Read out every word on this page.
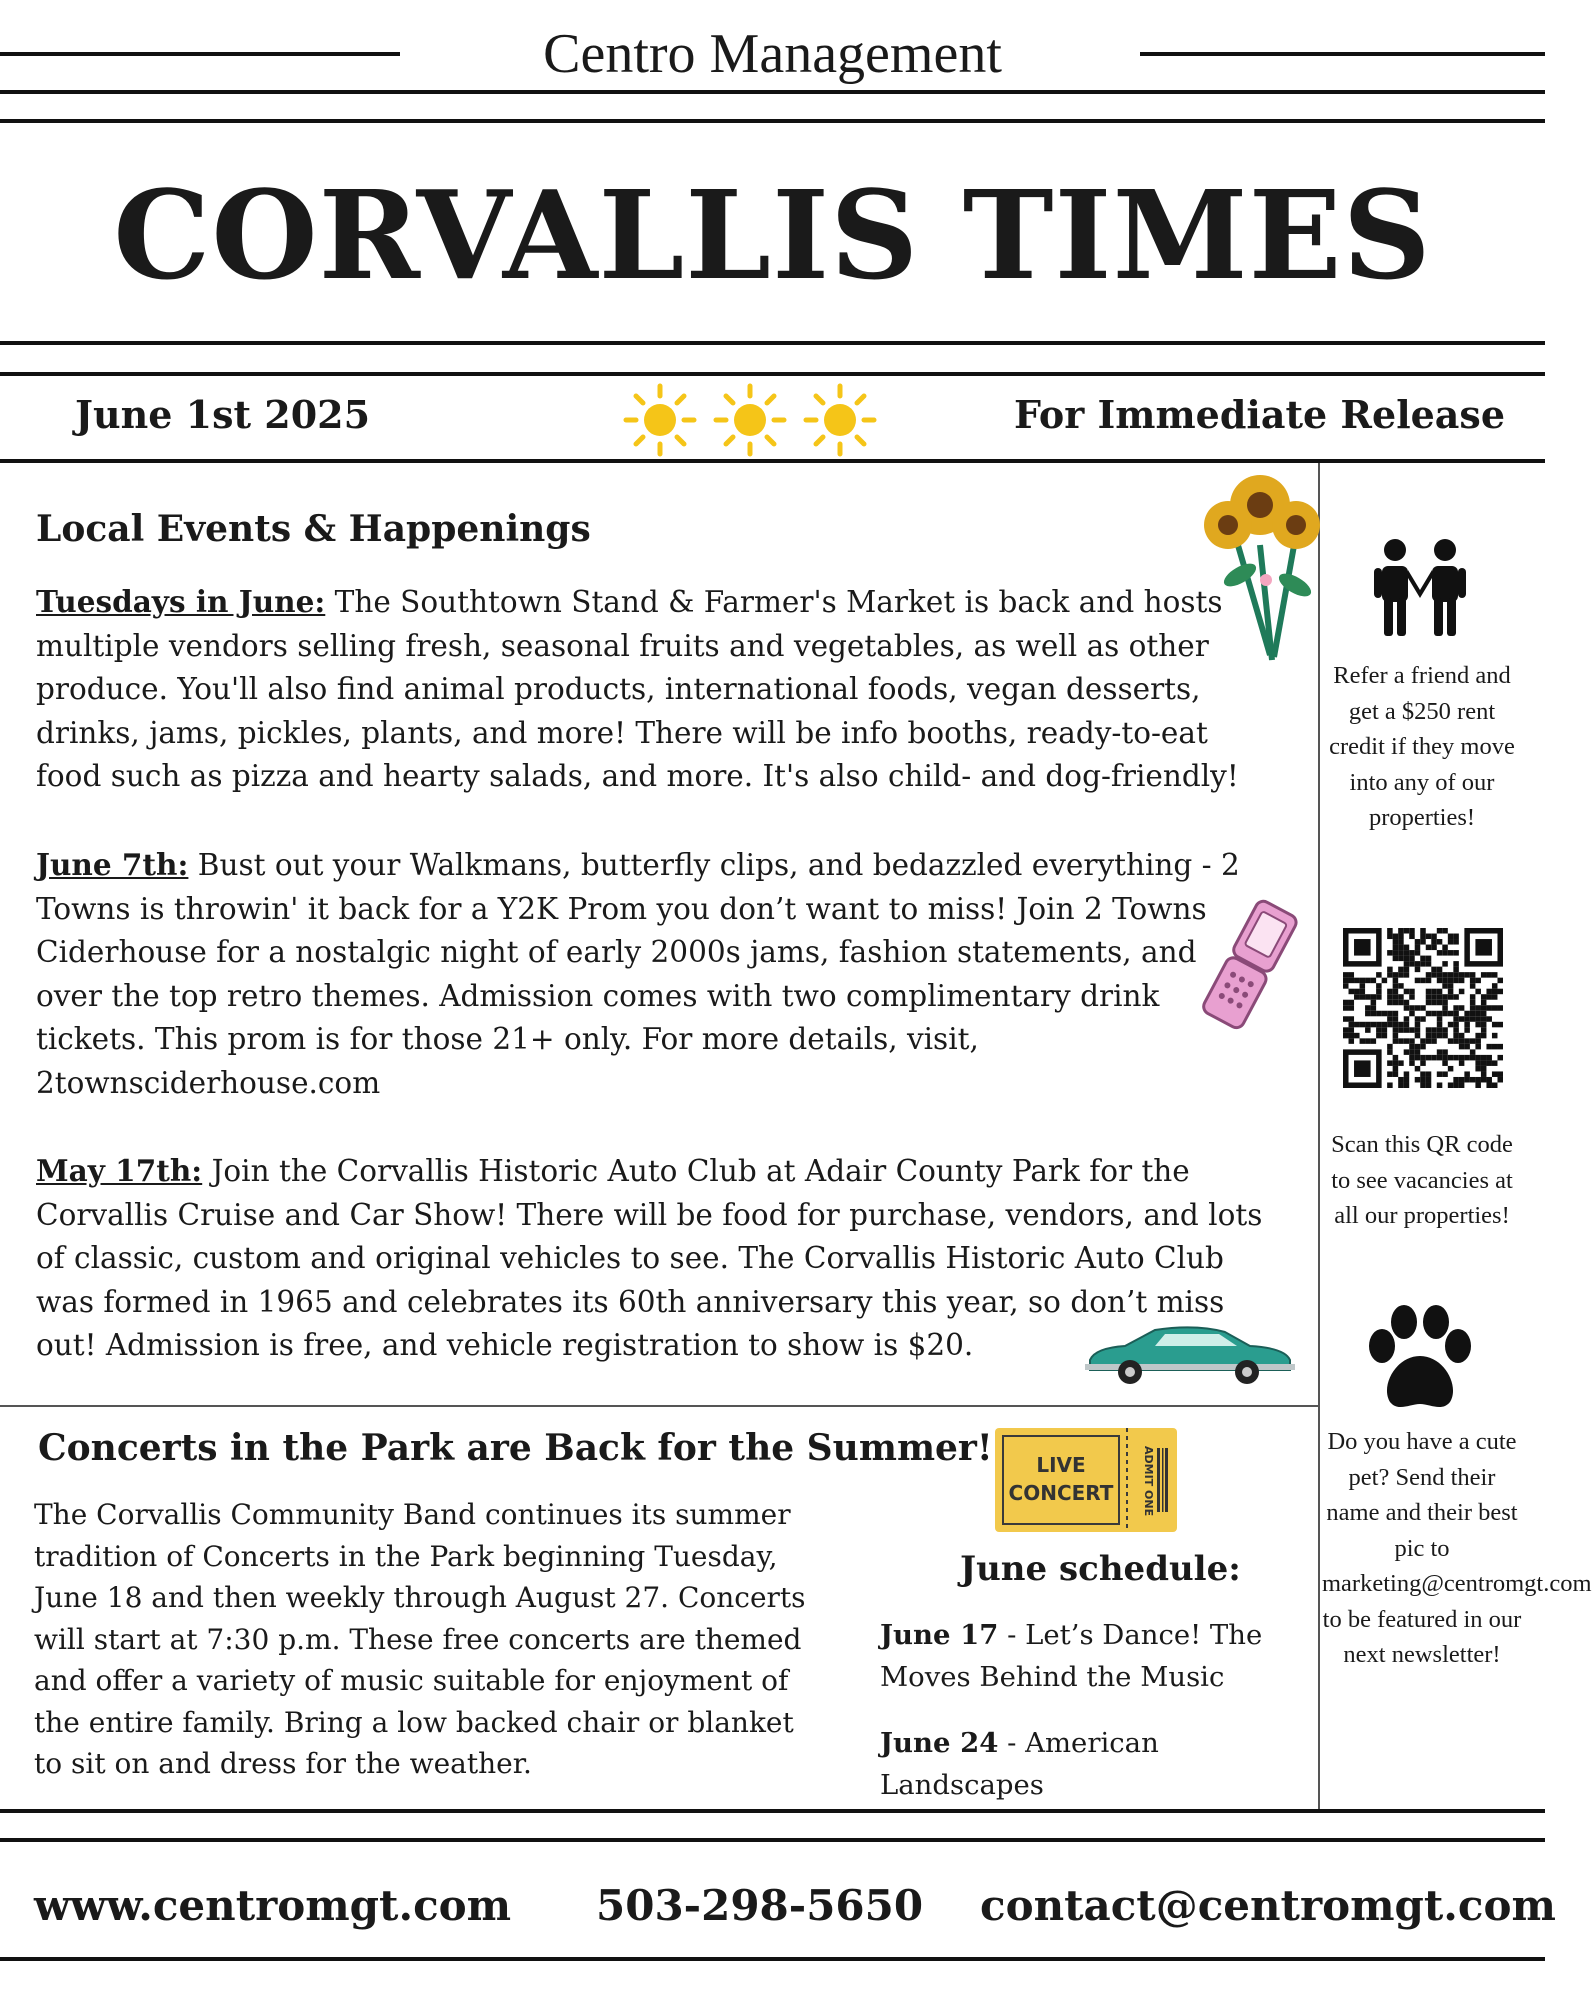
Centro Management
CORVALLIS TIMES
June 1st 2025	For Immediate Release
Local Events & Happenings
Tuesdays in June: The Southtown Stand & Farmer's Market is back and hosts multiple vendors selling fresh, seasonal fruits and vegetables, as well as other produce. You'll also find animal products, international foods, vegan desserts, drinks, jams, pickles, plants, and more! There will be info booths, ready-to-eat food such as pizza and hearty salads, and more. It's also child- and dog-friendly!
June 7th: Bust out your Walkmans, butterfly clips, and bedazzled everything - 2 Towns is throwin' it back for a Y2K Prom you don’t want to miss! Join 2 Towns Ciderhouse for a nostalgic night of early 2000s jams, fashion statements, and over the top retro themes. Admission comes with two complimentary drink tickets. This prom is for those 21+ only. For more details, visit, 2townsciderhouse.com
May 17th: Join the Corvallis Historic Auto Club at Adair County Park for the Corvallis Cruise and Car Show! There will be food for purchase, vendors, and lots of classic, custom and original vehicles to see. The Corvallis Historic Auto Club was formed in 1965 and celebrates its 60th anniversary this year, so don’t miss out! Admission is free, and vehicle registration to show is $20.
Concerts in the Park are Back for the Summer!
The Corvallis Community Band continues its summer tradition of Concerts in the Park beginning Tuesday, June 18 and then weekly through August 27. Concerts will start at 7:30 p.m. These free concerts are themed and offer a variety of music suitable for enjoyment of the entire family. Bring a low backed chair or blanket to sit on and dress for the weather.
LIVE
CONCERT	ADMIT ONE
June schedule:
June 17 - Let’s Dance! The Moves Behind the Music
June 24 - American Landscapes
Refer a friend and get a $250 rent credit if they move into any of our properties!
Scan this QR code to see vacancies at all our properties!
Do you have a cute pet? Send their name and their best pic to marketing@centromgt.com to be featured in our next newsletter!
www.centromgt.com 503-298-5650 contact@centromgt.com
